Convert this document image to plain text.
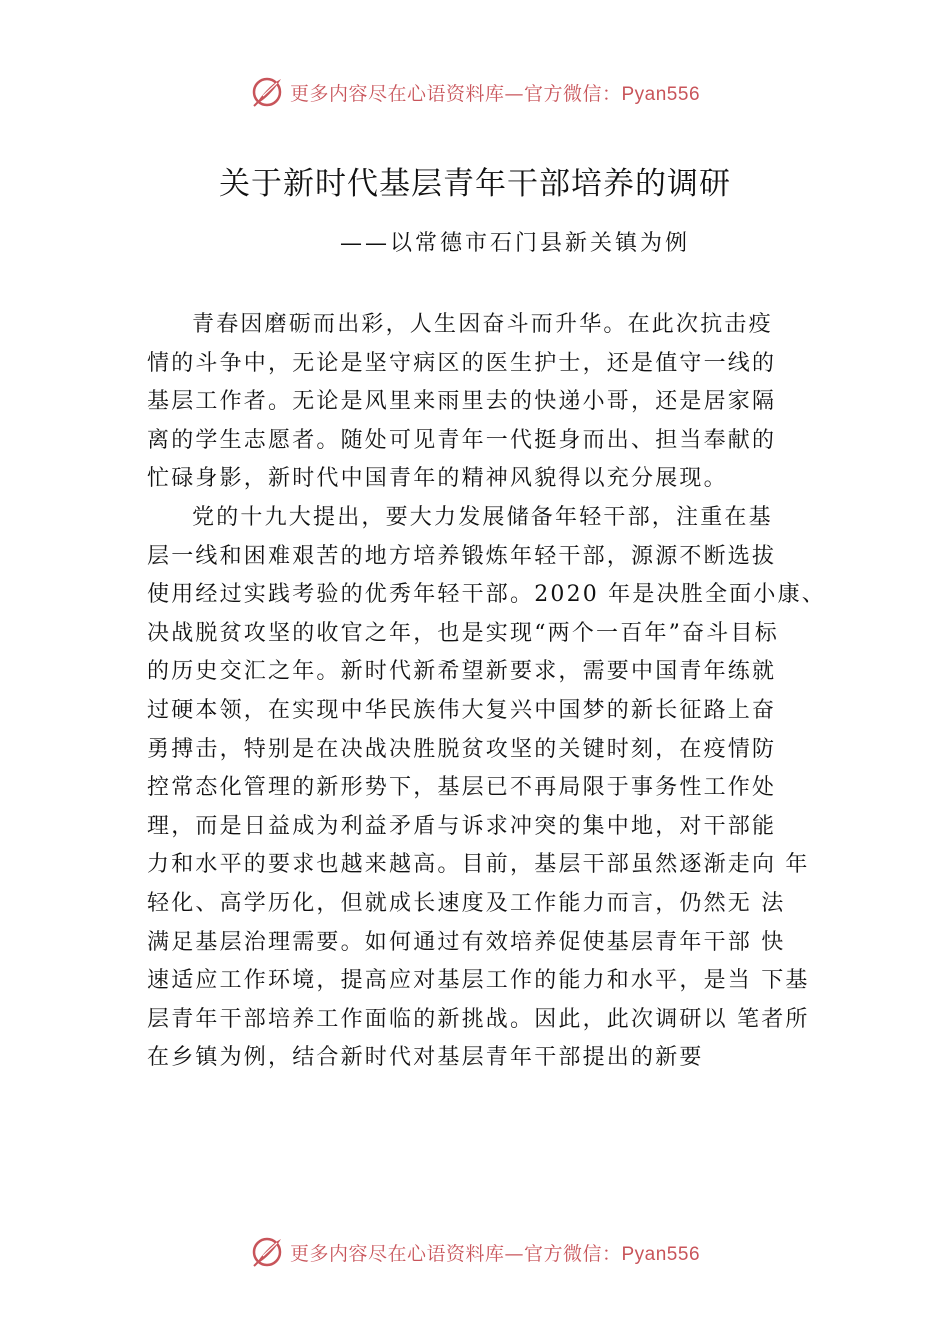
更多内容尽在心语资料库—官方微信：Pyan556
关于新时代基层青年干部培养的调研
——以常德市石门县新关镇为例
青春因磨砺而出彩，人生因奋斗而升华。在此次抗击疫
情的斗争中，无论是坚守病区的医生护士，还是值守一线的
基层工作者。无论是风里来雨里去的快递小哥，还是居家隔
离的学生志愿者。随处可见青年一代挺身而出、担当奉献的
忙碌身影，新时代中国青年的精神风貌得以充分展现。
党的十九大提出，要大力发展储备年轻干部，注重在基
层一线和困难艰苦的地方培养锻炼年轻干部，源源不断选拔
使用经过实践考验的优秀年轻干部。2020 年是决胜全面小康、
决战脱贫攻坚的收官之年，也是实现“两个一百年”奋斗目标
的历史交汇之年。新时代新希望新要求，需要中国青年练就
过硬本领，在实现中华民族伟大复兴中国梦的新长征路上奋
勇搏击，特别是在决战决胜脱贫攻坚的关键时刻，在疫情防
控常态化管理的新形势下，基层已不再局限于事务性工作处
理，而是日益成为利益矛盾与诉求冲突的集中地，对干部能
力和水平的要求也越来越高。目前，基层干部虽然逐渐走向 年
轻化、高学历化，但就成长速度及工作能力而言，仍然无 法
满足基层治理需要。如何通过有效培养促使基层青年干部 快
速适应工作环境，提高应对基层工作的能力和水平，是当 下基
层青年干部培养工作面临的新挑战。因此，此次调研以 笔者所
在乡镇为例，结合新时代对基层青年干部提出的新要
更多内容尽在心语资料库—官方微信：Pyan556
